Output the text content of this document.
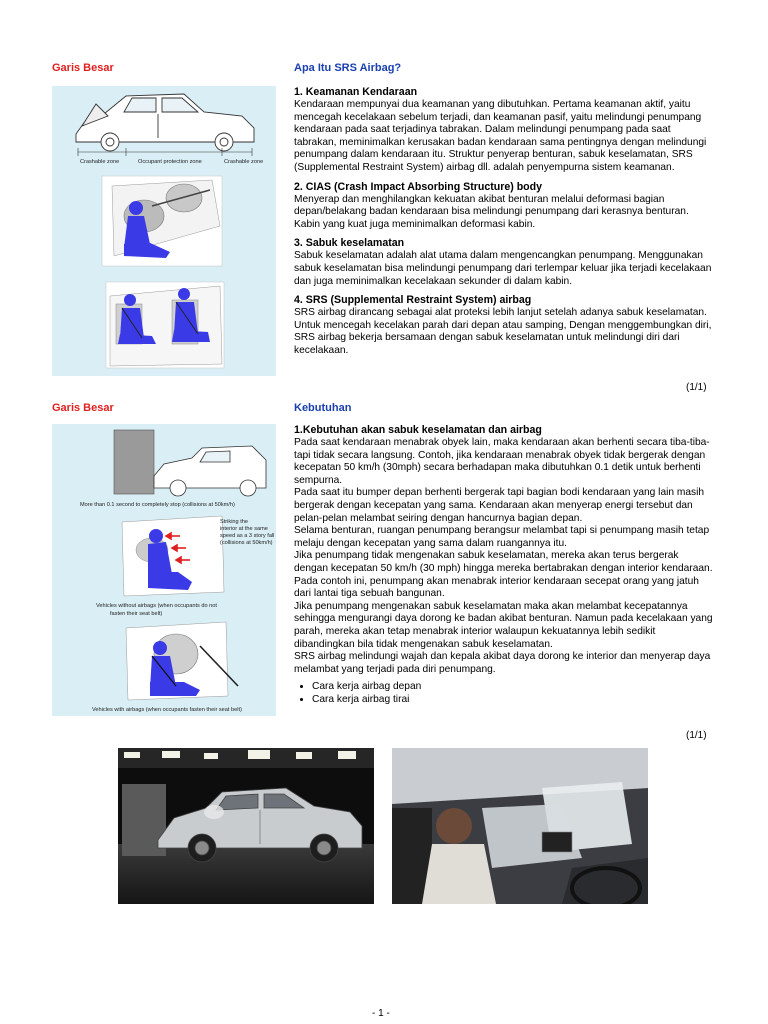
Garis Besar	Apa Itu SRS Airbag?
Crashable zone	Occupant protection zone	Crashable zone
1. Keamanan Kendaraan

Kendaraan mempunyai dua keamanan yang dibutuhkan. Pertama keamanan aktif, yaitu mencegah kecelakaan sebelum terjadi, dan keamanan pasif, yaitu melindungi penumpang kendaraan pada saat terjadinya tabrakan. Dalam melindungi penumpang pada saat tabrakan, meminimalkan kerusakan badan kendaraan sama pentingnya dengan melindungi penumpang dalam kendaraan itu. Struktur penyerap benturan, sabuk keselamatan, SRS (Supplemental Restraint System) airbag dll. adalah penyempurna sistem keamanan.

2. CIAS (Crash Impact Absorbing Structure) body

Menyerap dan menghilangkan kekuatan akibat benturan melalui deformasi bagian depan/belakang badan kendaraan bisa melindungi penumpang dari kerasnya benturan. Kabin yang kuat juga meminimalkan deformasi kabin.

3. Sabuk keselamatan

Sabuk keselamatan adalah alat utama dalam mengencangkan penumpang. Menggunakan sabuk keselamatan bisa melindungi penumpang dari terlempar keluar jika terjadi kecelakaan dan juga meminimalkan kecelakaan sekunder di dalam kabin.

4. SRS (Supplemental Restraint System) airbag

SRS airbag dirancang sebagai alat proteksi lebih lanjut setelah adanya sabuk keselamatan. Untuk mencegah kecelakan parah dari depan atau samping, Dengan menggembungkan diri, SRS airbag bekerja bersamaan dengan sabuk keselamatan untuk melindungi diri dari kecelakaan.

(1/1)
Garis Besar	Kebutuhan
More than 0.1 second to completely stop (collisions at 50km/h)
Striking the
interior at the same
speed as a 3 story fall
(collisions at 50km/h)
Vehicles without airbags (when occupants do not
fasten their seat belt)
Vehicles with airbags (when occupants fasten their seat belt)
1.Kebutuhan akan sabuk keselamatan dan airbag
Pada saat kendaraan menabrak obyek lain, maka kendaraan akan berhenti secara tiba-tiba- tapi tidak secara langsung. Contoh, jika kendaraan menabrak obyek tidak bergerak dengan kecepatan 50 km/h (30mph) secara berhadapan maka dibutuhkan 0.1 detik untuk berhenti sempurna.
Pada saat itu bumper depan berhenti bergerak tapi bagian bodi kendaraan yang lain masih bergerak dengan kecepatan yang sama. Kendaraan akan menyerap energi tersebut dan pelan-pelan melambat seiring dengan hancurnya bagian depan.
Selama benturan, ruangan penumpang berangsur melambat tapi si penumpang masih tetap melaju dengan kecepatan yang sama dalam ruangannya itu.
Jika penumpang tidak mengenakan sabuk keselamatan, mereka akan terus bergerak dengan kecepatan 50 km/h (30 mph) hingga mereka bertabrakan dengan interior kendaraan. Pada contoh ini, penumpang akan menabrak interior kendaraan secepat orang yang jatuh dari lantai tiga sebuah bangunan.
Jika penumpang mengenakan sabuk keselamatan maka akan melambat kecepatannya sehingga mengurangi daya dorong ke badan akibat benturan. Namun pada kecelakaan yang parah, mereka akan tetap menabrak interior walaupun kekuatannya lebih sedikit dibandingkan bila tidak mengenakan sabuk keselamatan.
SRS airbag melindungi wajah dan kepala akibat daya dorong ke interior dan menyerap daya melambat yang terjadi pada diri penumpang.
• Cara kerja airbag depan
• Cara kerja airbag tirai
(1/1)
- 1 -
